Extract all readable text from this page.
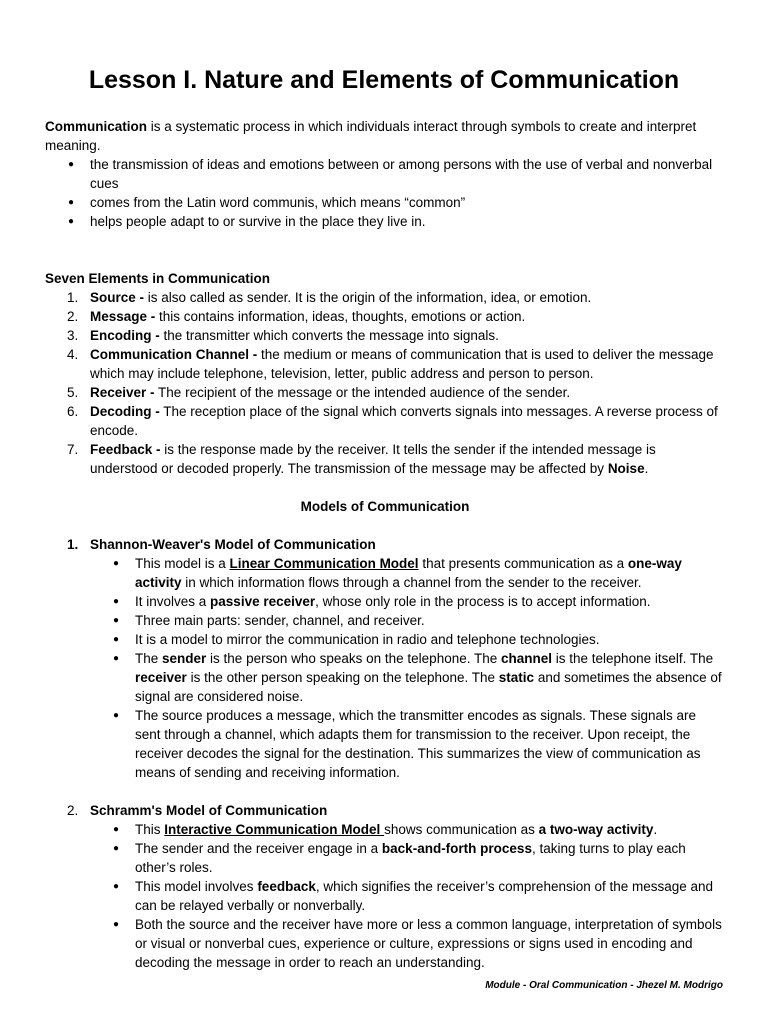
Lesson I. Nature and Elements of Communication

Communication is a systematic process in which individuals interact through symbols to create and interpret meaning.

● the transmission of ideas and emotions between or among persons with the use of verbal and nonverbal cues
● comes from the Latin word communis, which means “common”
● helps people adapt to or survive in the place they live in.

Seven Elements in Communication

1. Source - is also called as sender. It is the origin of the information, idea, or emotion.
2. Message - this contains information, ideas, thoughts, emotions or action.
3. Encoding - the transmitter which converts the message into signals.
4. Communication Channel - the medium or means of communication that is used to deliver the message which may include telephone, television, letter, public address and person to person.
5. Receiver - The recipient of the message or the intended audience of the sender.
6. Decoding - The reception place of the signal which converts signals into messages. A reverse process of encode.
7. Feedback - is the response made by the receiver. It tells the sender if the intended message is understood or decoded properly. The transmission of the message may be affected by Noise.

Models of Communication

1. Shannon-Weaver's Model of Communication
● This model is a Linear Communication Model that presents communication as a one-way activity in which information flows through a channel from the sender to the receiver.
● It involves a passive receiver, whose only role in the process is to accept information.
● Three main parts: sender, channel, and receiver.
● It is a model to mirror the communication in radio and telephone technologies.
● The sender is the person who speaks on the telephone. The channel is the telephone itself. The receiver is the other person speaking on the telephone. The static and sometimes the absence of signal are considered noise.
● The source produces a message, which the transmitter encodes as signals. These signals are sent through a channel, which adapts them for transmission to the receiver. Upon receipt, the receiver decodes the signal for the destination. This summarizes the view of communication as means of sending and receiving information.
2. Schramm's Model of Communication
● This Interactive Communication Model shows communication as a two-way activity.
● The sender and the receiver engage in a back-and-forth process, taking turns to play each other’s roles.
● This model involves feedback, which signifies the receiver’s comprehension of the message and can be relayed verbally or nonverbally.
● Both the source and the receiver have more or less a common language, interpretation of symbols or visual or nonverbal cues, experience or culture, expressions or signs used in encoding and decoding the message in order to reach an understanding.
Module - Oral Communication - Jhezel M. Modrigo
